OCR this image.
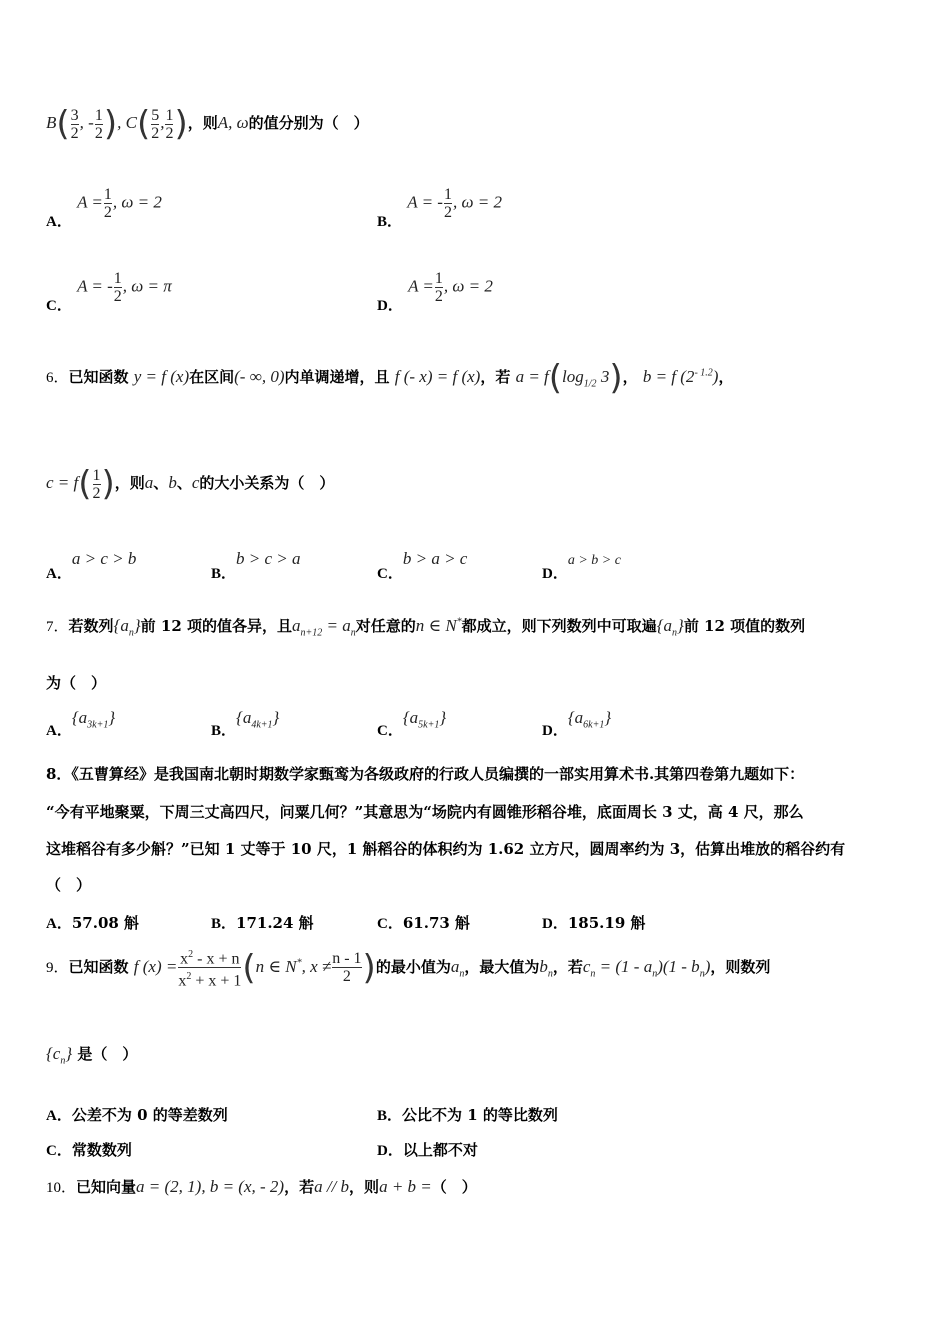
$B( \frac{3}{2}$ , - $\frac{1}{2}$ ), $C( \frac{5}{2}$ , $\frac{1}{2}$ )，则A, ω的值分别为（　）
A． $A = \frac{1}{2}$ , ω = 2
B． A = - $\frac{1}{2}$ , ω = 2
C． A = - $\frac{1}{2}$ , ω = π
D． $A = \frac{1}{2}$ , ω = 2
6．已知函数 y = f (x)在区间(- ∞, 0)内单调递增，且 f (- x) = f (x)，若 $a = f(\log_{1/2}$ 3)， b = f $(2^{- 1.2})$，
$c = f( \frac{1}{2}$ )，则a、b、c的大小关系为（　）
A．a > c > b
B．b > c > a
C．b > a > c
D．a > b > c
7．若数列$\{a_n\}$前 12 项的值各异，且$a_{n+12} = a_n$对任意的n ∈ N*都成立，则下列数列中可取遍$\{a_n\}$前 12 项值的数列
为（　）
A．$\{a_{3k+1}\}$
B．$\{a_{4k+1}\}$
C．$\{a_{5k+1}\}$
D．$\{a_{6k+1}\}$
8．《五曹算经》是我国南北朝时期数学家甄鸾为各级政府的行政人员编撰的一部实用算术书.其第四卷第九题如下：
“今有平地聚粟，下周三丈高四尺，问粟几何？”其意思为“场院内有圆锥形稻谷堆，底面周长 3 丈，高 4 尺，那么
这堆稻谷有多少斛？”已知 1 丈等于 10 尺，1 斛稻谷的体积约为 1.62 立方尺，圆周率约为 3，估算出堆放的稻谷约有
（　）
A．57.08 斛	B．171.24 斛	C．61.73 斛	D．185.19 斛
9．已知函数 f $(x) = \frac{x^2 - x + n}{x^2 + x + 1} (n$ ∈ N*, $x \ne \frac{n - 1}{2}$ )的最小值为$a_n$，最大值为$b_n$，若$c_n = (1 - a_n)(1 - b_n)$，则数列
$\{c_n\}$ 是（　）
A．公差不为 0 的等差数列	B．公比不为 1 的等比数列
C．常数数列	D．以上都不对
10．已知向量a = (2, 1), b = (x, - 2)，若a // b，则a + b =（　）
